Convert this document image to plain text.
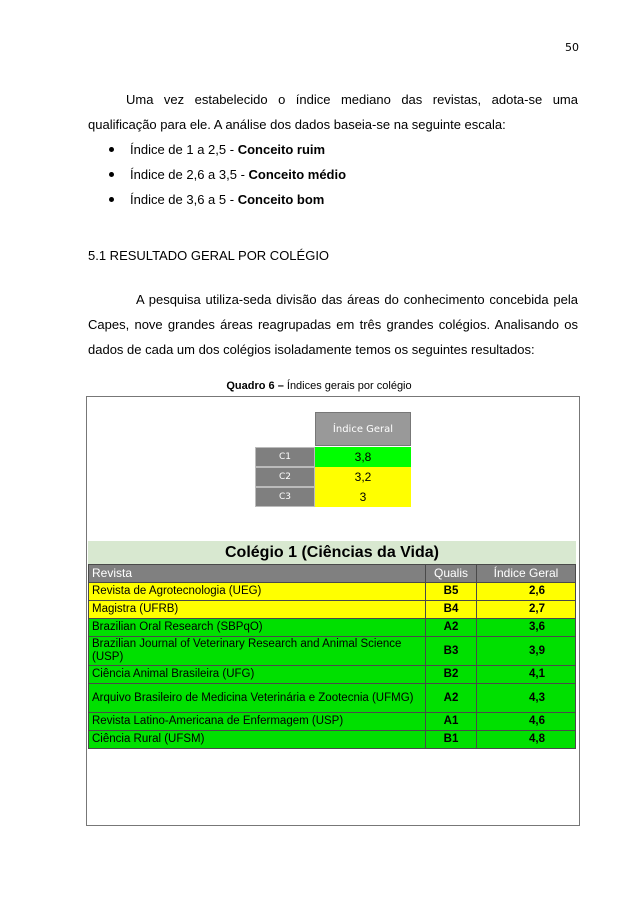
50
Uma vez estabelecido o índice mediano das revistas, adota-se uma qualificação para ele. A análise dos dados baseia-se na seguinte escala:
Índice de 1 a 2,5 - Conceito ruim
Índice de 2,6 a 3,5 - Conceito médio
Índice de 3,6 a 5 - Conceito bom
5.1 RESULTADO GERAL POR COLÉGIO
A pesquisa utiliza-seda divisão das áreas do conhecimento concebida pela Capes, nove grandes áreas reagrupadas em três grandes colégios. Analisando os dados de cada um dos colégios isoladamente temos os seguintes resultados:
Quadro 6 – Índices gerais por colégio
Índice Geral
C1	3,8
C2	3,2
C3	3
Colégio 1 (Ciências da Vida)
Revista	Qualis	Índice Geral
Revista de Agrotecnologia (UEG)	B5	2,6
Magistra (UFRB)	B4	2,7
Brazilian Oral Research (SBPqO)	A2	3,6
Brazilian Journal of Veterinary Research and Animal Science (USP)	B3	3,9
Ciência Animal Brasileira (UFG)	B2	4,1
Arquivo Brasileiro de Medicina Veterinária e Zootecnia (UFMG)	A2	4,3
Revista Latino-Americana de Enfermagem (USP)	A1	4,6
Ciência Rural (UFSM)	B1	4,8
